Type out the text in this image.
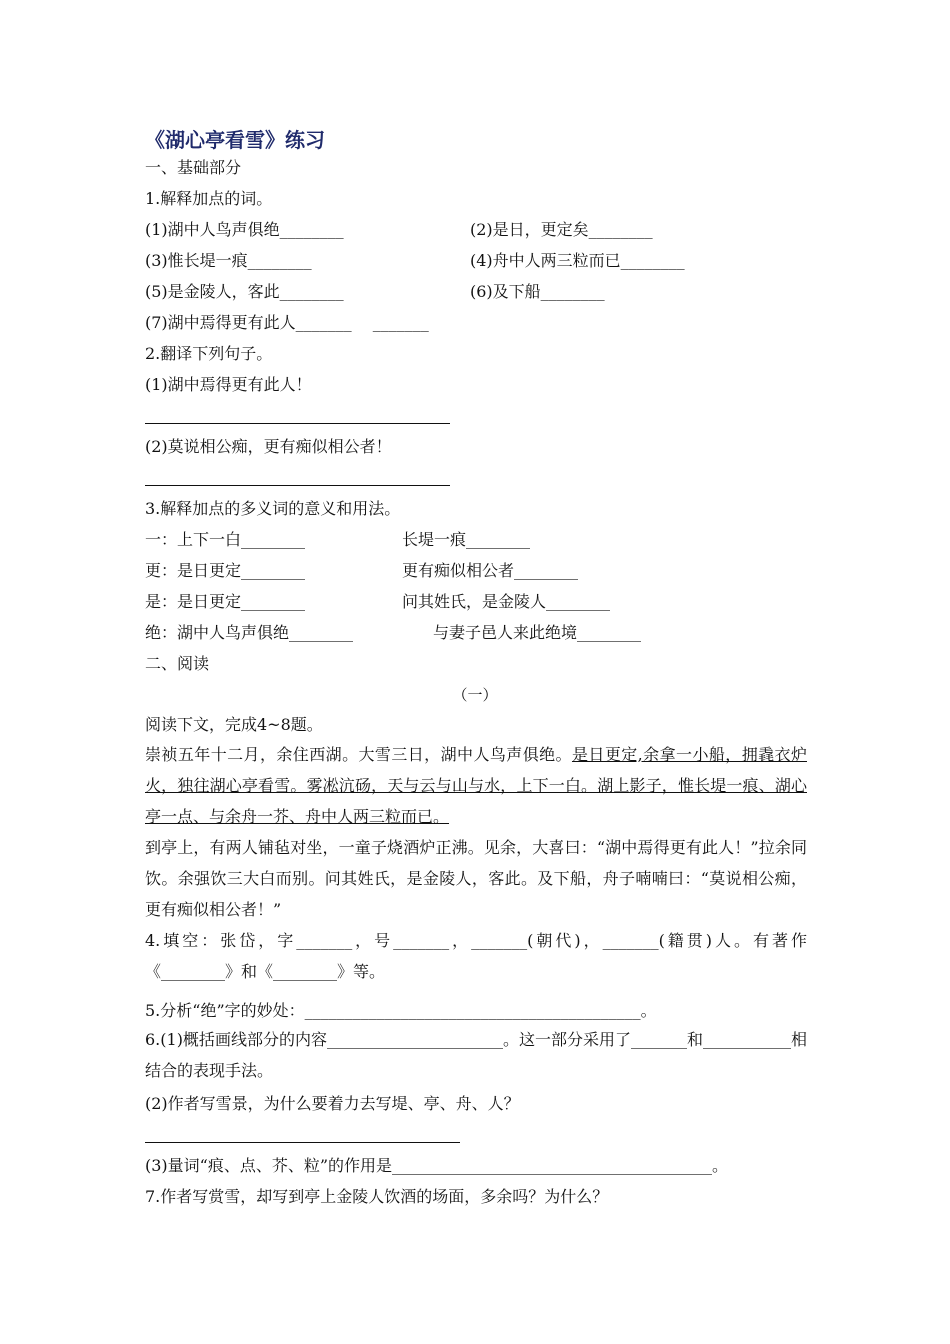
《湖心亭看雪》练习
一、基础部分
1.解释加点的词。
(1)湖中人鸟声俱绝________	(2)是日，更定矣________
(3)惟长堤一痕________	(4)舟中人两三粒而已________
(5)是金陵人，客此________	(6)及下船________
(7)湖中焉得更有此人_______　 _______
2.翻译下列句子。
(1)湖中焉得更有此人！
(2)莫说相公痴，更有痴似相公者！
3.解释加点的多义词的意义和用法。
一：上下一白________	长堤一痕________
更：是日更定________	更有痴似相公者________
是：是日更定________	问其姓氏，是金陵人________
绝：湖中人鸟声俱绝________	与妻子邑人来此绝境________
二、阅读
（一）
阅读下文，完成4~8题。
崇祯五年十二月，余住西湖。大雪三日，湖中人鸟声俱绝。是日更定,余拿一小船，拥毳衣炉火，独往湖心亭看雪。雾凇沆砀，天与云与山与水，上下一白。湖上影子，惟长堤一痕、湖心亭一点、与余舟一芥、舟中人两三粒而已。
到亭上，有两人铺毡对坐，一童子烧酒炉正沸。见余，大喜曰：“湖中焉得更有此人！”拉余同饮。余强饮三大白而别。问其姓氏，是金陵人，客此。及下船，舟子喃喃曰：“莫说相公痴，更有痴似相公者！”
4.填空：张岱，字_______，号_______，_______(朝代)，_______(籍贯)人。有著作《________》和《________》等。
5.分析“绝”字的妙处：__________________________________________。
6.(1)概括画线部分的内容______________________。这一部分采用了_______和___________相结合的表现手法。
(2)作者写雪景，为什么要着力去写堤、亭、舟、人？
(3)量词“痕、点、芥、粒”的作用是________________________________________。
7.作者写赏雪，却写到亭上金陵人饮酒的场面，多余吗？为什么？
